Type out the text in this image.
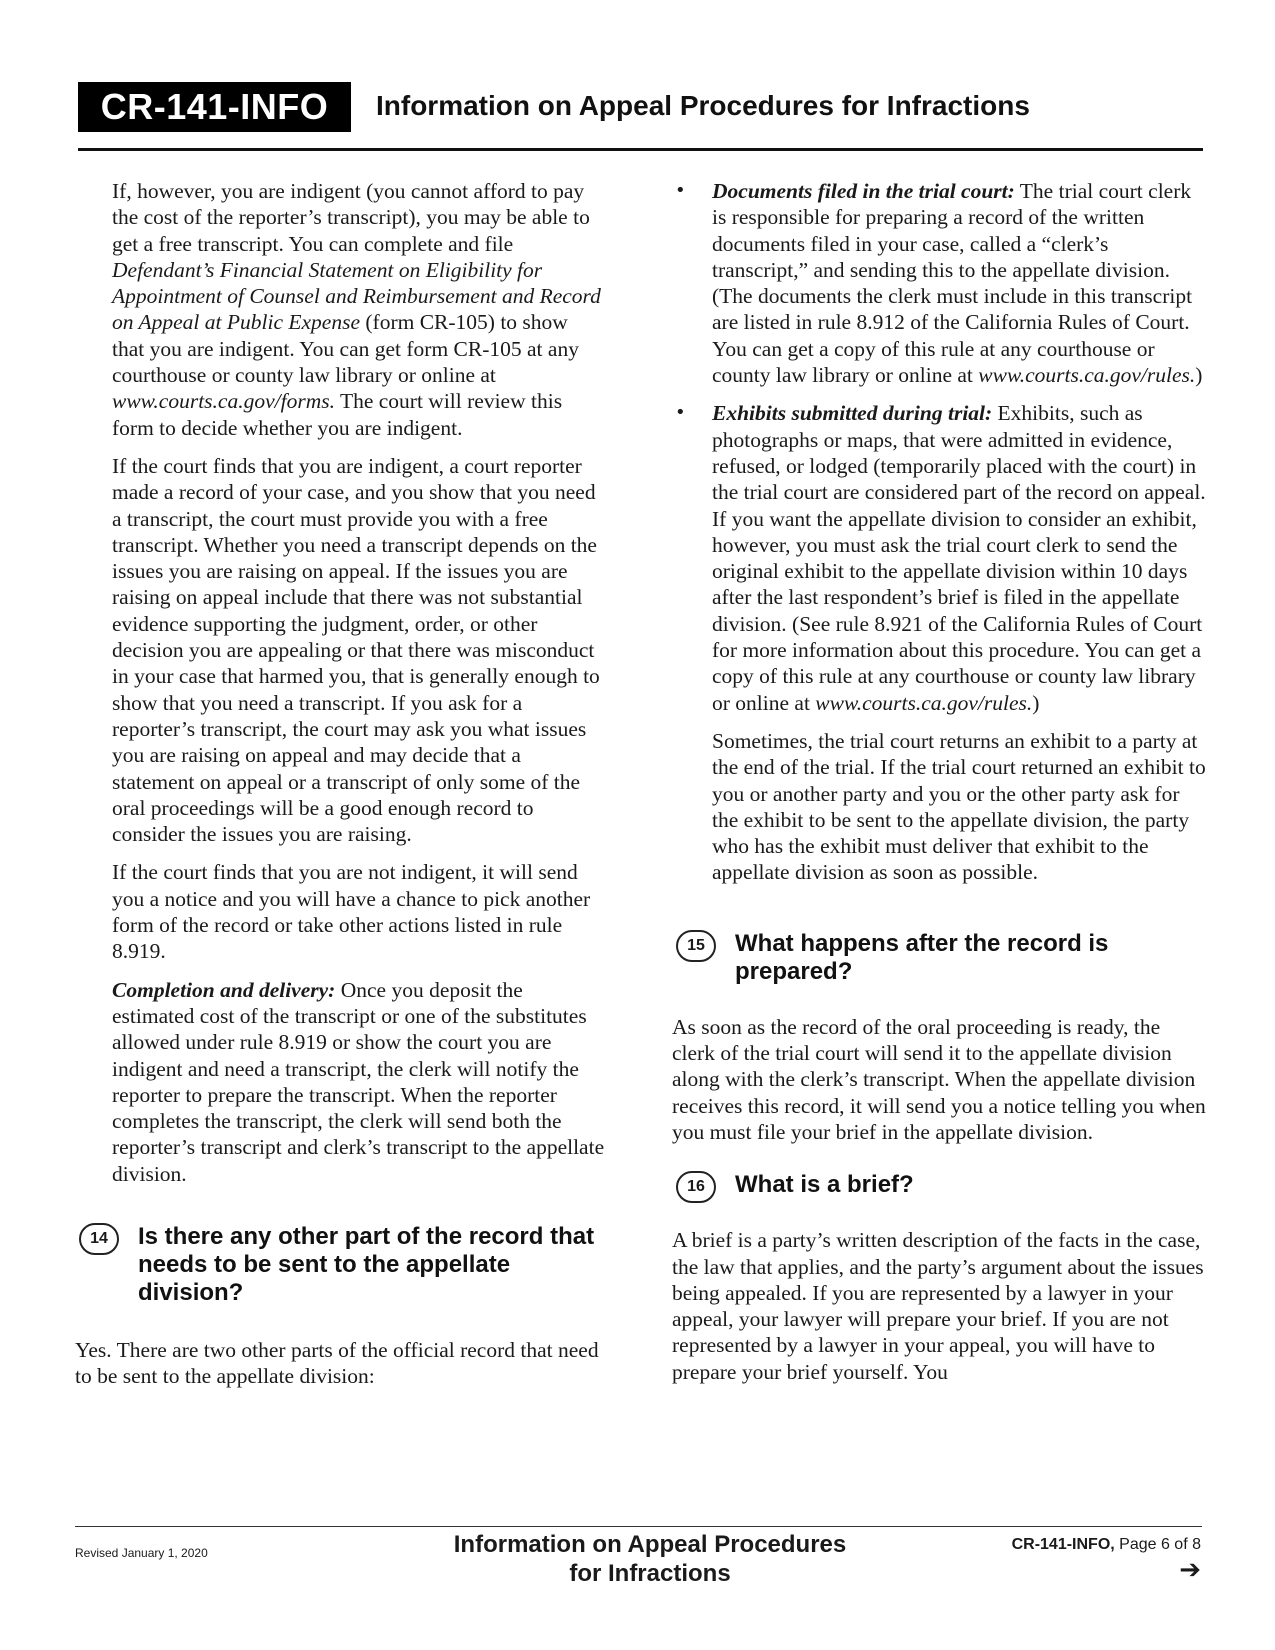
CR-141-INFO	Information on Appeal Procedures for Infractions

If, however, you are indigent (you cannot afford to pay the cost of the reporter’s transcript), you may be able to get a free transcript. You can complete and file Defendant’s Financial Statement on Eligibility for Appointment of Counsel and Reimbursement and Record on Appeal at Public Expense (form CR-105) to show that you are indigent. You can get form CR-105 at any courthouse or county law library or online at www.courts.ca.gov/forms. The court will review this form to decide whether you are indigent.

If the court finds that you are indigent, a court reporter made a record of your case, and you show that you need a transcript, the court must provide you with a free transcript. Whether you need a transcript depends on the issues you are raising on appeal. If the issues you are raising on appeal include that there was not substantial evidence supporting the judgment, order, or other decision you are appealing or that there was misconduct in your case that harmed you, that is generally enough to show that you need a transcript. If you ask for a reporter’s transcript, the court may ask you what issues you are raising on appeal and may decide that a statement on appeal or a transcript of only some of the oral proceedings will be a good enough record to consider the issues you are raising.

If the court finds that you are not indigent, it will send you a notice and you will have a chance to pick another form of the record or take other actions listed in rule 8.919.

Completion and delivery: Once you deposit the estimated cost of the transcript or one of the substitutes allowed under rule 8.919 or show the court you are indigent and need a transcript, the clerk will notify the reporter to prepare the transcript. When the reporter completes the transcript, the clerk will send both the reporter’s transcript and clerk’s transcript to the appellate division.

14	Is there any other part of the record that needs to be sent to the appellate division?

Yes. There are two other parts of the official record that need to be sent to the appellate division:

• Documents filed in the trial court: The trial court clerk is responsible for preparing a record of the written documents filed in your case, called a “clerk’s transcript,” and sending this to the appellate division. (The documents the clerk must include in this transcript are listed in rule 8.912 of the California Rules of Court. You can get a copy of this rule at any courthouse or county law library or online at www.courts.ca.gov/rules.)
• Exhibits submitted during trial: Exhibits, such as photographs or maps, that were admitted in evidence, refused, or lodged (temporarily placed with the court) in the trial court are considered part of the record on appeal. If you want the appellate division to consider an exhibit, however, you must ask the trial court clerk to send the original exhibit to the appellate division within 10 days after the last respondent’s brief is filed in the appellate division. (See rule 8.921 of the California Rules of Court for more information about this procedure. You can get a copy of this rule at any courthouse or county law library or online at www.courts.ca.gov/rules.)

Sometimes, the trial court returns an exhibit to a party at the end of the trial. If the trial court returned an exhibit to you or another party and you or the other party ask for the exhibit to be sent to the appellate division, the party who has the exhibit must deliver that exhibit to the appellate division as soon as possible.

15	What happens after the record is prepared?

As soon as the record of the oral proceeding is ready, the clerk of the trial court will send it to the appellate division along with the clerk’s transcript. When the appellate division receives this record, it will send you a notice telling you when you must file your brief in the appellate division.

16	What is a brief?

A brief is a party’s written description of the facts in the case, the law that applies, and the party’s argument about the issues being appealed. If you are represented by a lawyer in your appeal, your lawyer will prepare your brief. If you are not represented by a lawyer in your appeal, you will have to prepare your brief yourself. You

Revised January 1, 2020	Information on Appeal Procedures
for Infractions
CR-141-INFO, Page 6 of 8
➔
